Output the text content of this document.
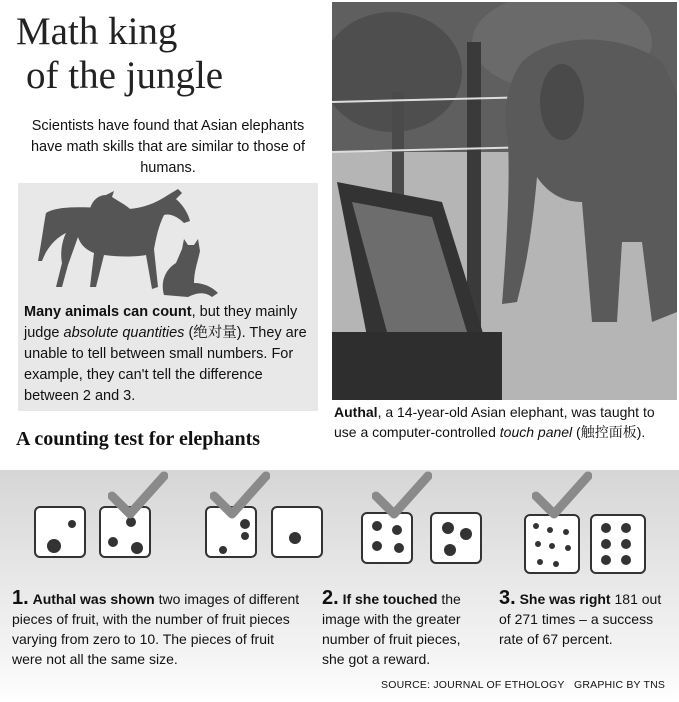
Math king
of the jungle
Scientists have found that Asian elephants have math skills that are similar to those of humans.
Many animals can count, but they mainly judge absolute quantities (绝对量). They are unable to tell between small numbers. For example, they can't tell the difference between 2 and 3.
Authal, a 14-year-old Asian elephant, was taught to use a computer-controlled touch panel (触控面板).
A counting test for elephants
1. Authal was shown two images of different pieces of fruit, with the number of fruit pieces varying from zero to 10. The pieces of fruit were not all the same size.
2. If she touched the image with the greater number of fruit pieces, she got a reward.
3. She was right 181 out of 271 times – a success rate of 67 percent.
SOURCE: JOURNAL OF ETHOLOGY GRAPHIC BY TNS
